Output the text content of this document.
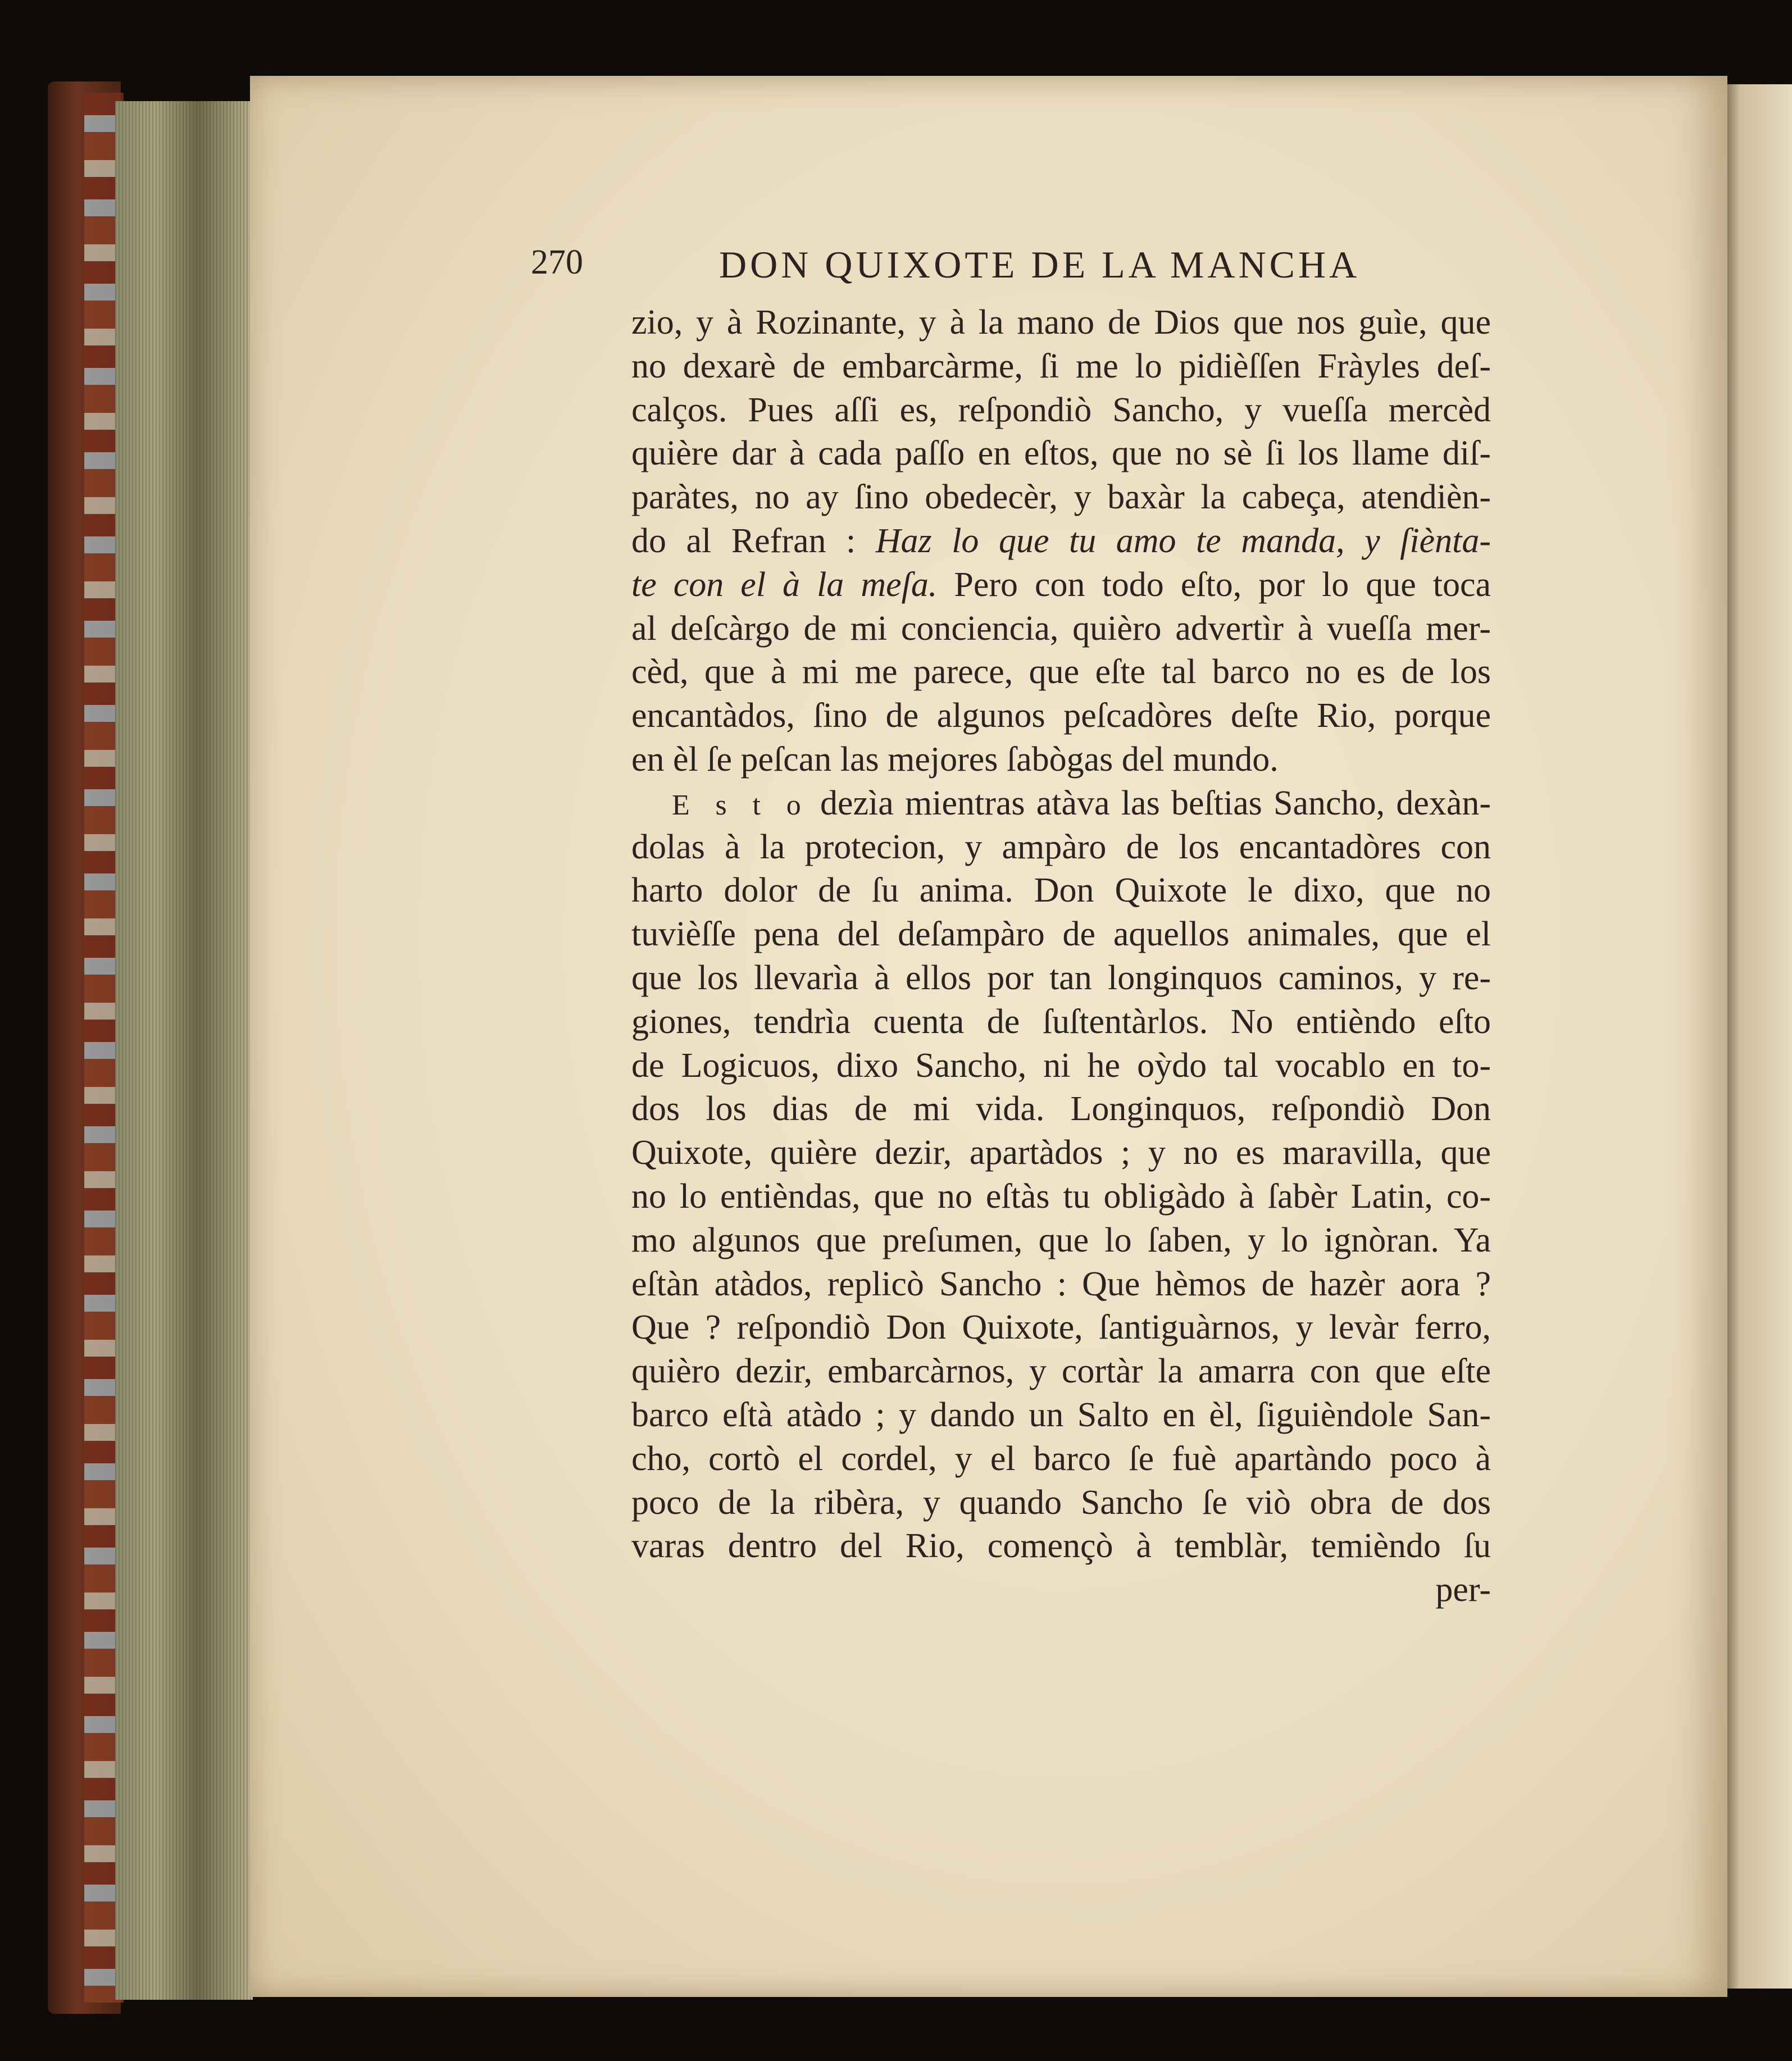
270	DON QUIXOTE DE LA MANCHA
zio, y à Rozinante, y à la mano de Dios que nos guìe, que
no dexarè de embarcàrme, ſi me lo pidièſſen Fràyles deſ-
calços. Pues aſſi es, reſpondiò Sancho, y vueſſa mercèd
quière dar à cada paſſo en eſtos, que no sè ſi los llame diſ-
paràtes, no ay ſino obedecèr, y baxàr la cabeça, atendièn-
do al Refran : Haz lo que tu amo te manda, y ſiènta-
te con el à la meſa. Pero con todo eſto, por lo que toca
al deſcàrgo de mi conciencia, quièro advertìr à vueſſa mer-
cèd, que à mi me parece, que eſte tal barco no es de los
encantàdos, ſino de algunos peſcadòres deſte Rio, porque
en èl ſe peſcan las mejores ſabògas del mundo.
E s t o dezìa mientras atàva las beſtias Sancho, dexàn-
dolas à la protecion, y ampàro de los encantadòres con
harto dolor de ſu anima. Don Quixote le dixo, que no
tuvièſſe pena del deſampàro de aquellos animales, que el
que los llevarìa à ellos por tan longinquos caminos, y re-
giones, tendrìa cuenta de ſuſtentàrlos. No entièndo eſto
de Logicuos, dixo Sancho, ni he oỳdo tal vocablo en to-
dos los dias de mi vida. Longinquos, reſpondiò Don
Quixote, quière dezir, apartàdos ; y no es maravilla, que
no lo entièndas, que no eſtàs tu obligàdo à ſabèr Latin, co-
mo algunos que preſumen, que lo ſaben, y lo ignòran. Ya
eſtàn atàdos, replicò Sancho : Que hèmos de hazèr aora ?
Que ? reſpondiò Don Quixote, ſantiguàrnos, y levàr ferro,
quièro dezir, embarcàrnos, y cortàr la amarra con que eſte
barco eſtà atàdo ; y dando un Salto en èl, ſiguièndole San-
cho, cortò el cordel, y el barco ſe fuè apartàndo poco à
poco de la ribèra, y quando Sancho ſe viò obra de dos
varas dentro del Rio, començò à temblàr, temièndo ſu
per-
